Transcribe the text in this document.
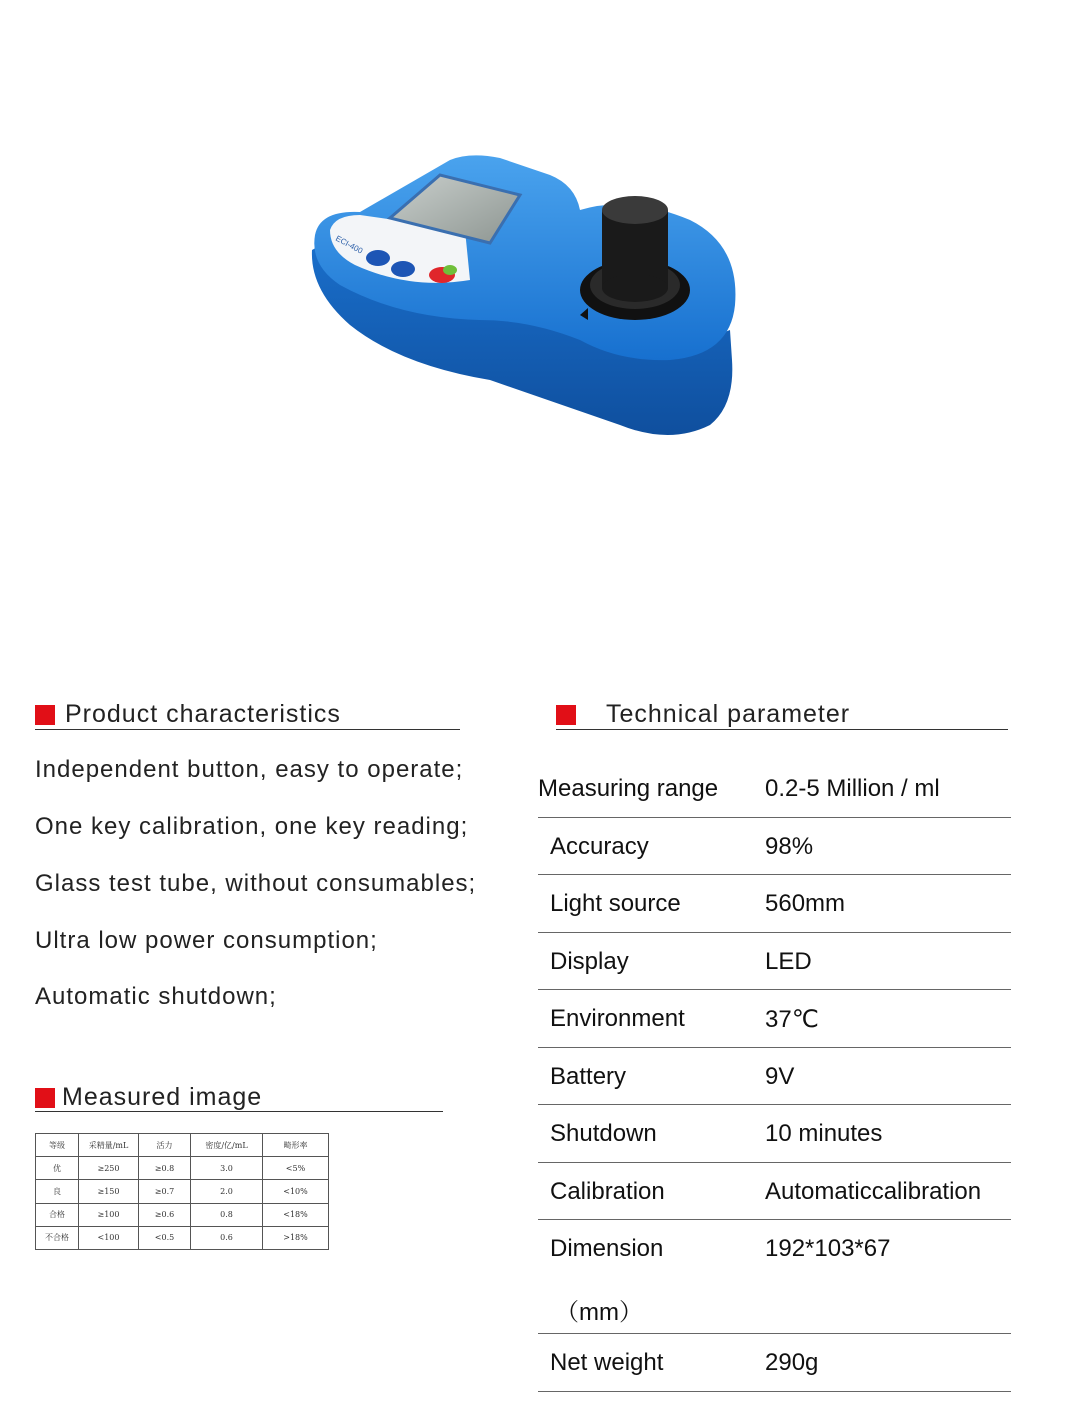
ECI-400
Product characteristics
Independent button, easy to operate;
One key calibration, one key reading;
Glass test tube, without consumables;
Ultra low power consumption;
Automatic shutdown;
Measured image
等级	采精量/mL	活力	密度/亿/mL	畸形率
优	≥250	≥0.8	3.0	<5%
良	≥150	≥0.7	2.0	<10%
合格	≥100	≥0.6	0.8	<18%
不合格	<100	<0.5	0.6	>18%
Technical parameter
Measuring range 0.2-5 Million / ml
Accuracy	98%
Light source	560mm
Display	LED
Environment	37℃
Battery	9V
Shutdown	10 minutes
Calibration	Automaticcalibration
Dimension	192*103*67
（mm）
Net weight	290g
